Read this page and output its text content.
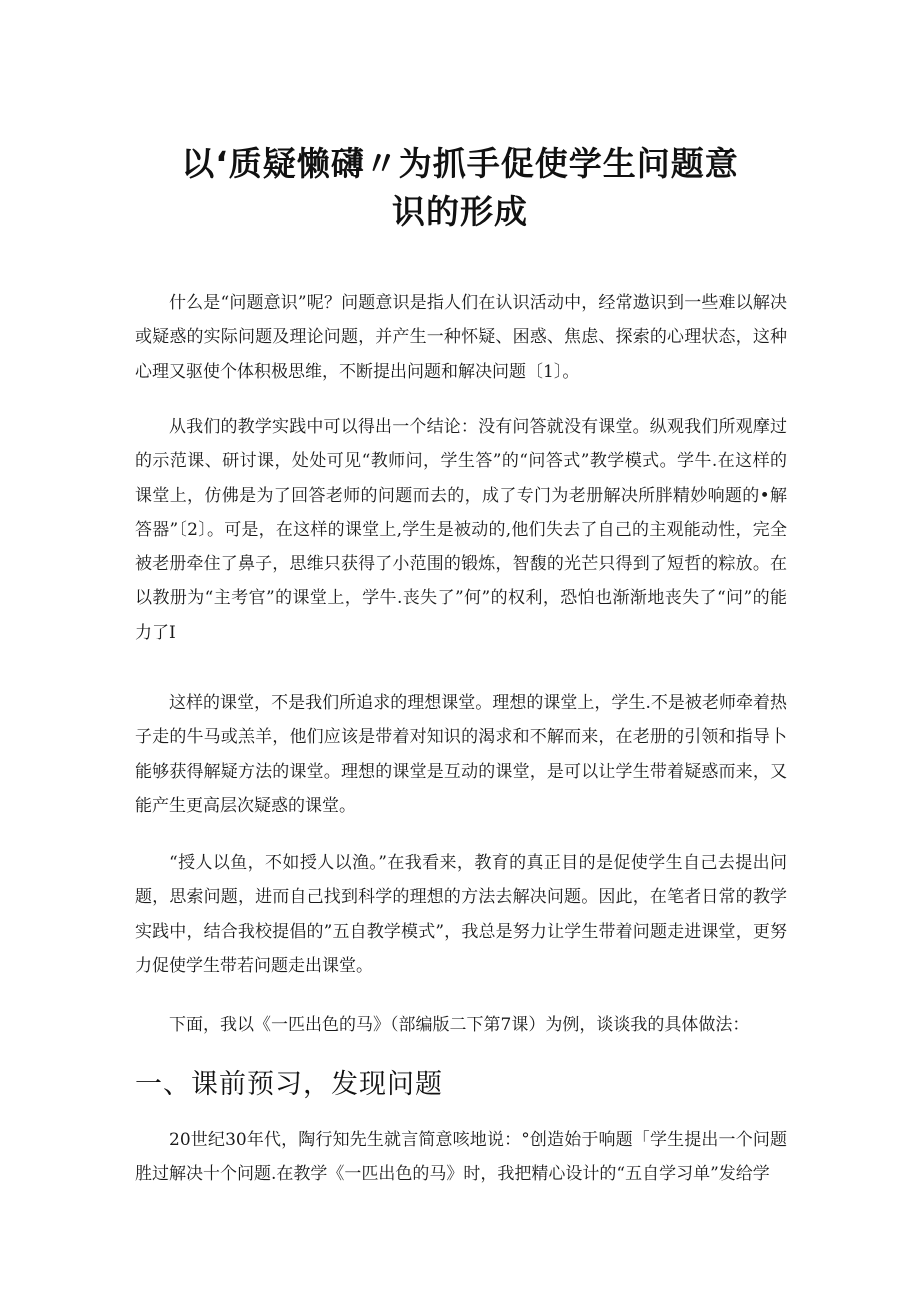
以‘质疑懒礴〃为抓手促使学生问题意
识的形成

什么是“问题意识”呢？问题意识是指人们在认识活动中，经常遨识到一些难以解决或疑惑的实际问题及理论问题，并产生一种怀疑、困惑、焦虑、探索的心理状态，这种心理又驱使个体积极思维，不断提出问题和解决问题〔1〕。

从我们的教学实践中可以得出一个结论：没有问答就没有课堂。纵观我们所观摩过的示范课、研讨课，处处可见“教师问，学生答”的“问答式”教学模式。学牛.在这样的课堂上，仿佛是为了回答老师的问题而去的，成了专门为老册解决所胖精妙响题的•解答器”〔2〕。可是，在这样的课堂上,学生是被动的,他们失去了自己的主观能动性，完全被老册牵住了鼻子，思维只获得了小范围的锻炼，智馥的光芒只得到了短哲的粽放。在以教册为“主考官”的课堂上，学牛.丧失了”何”的权利，恐怕也渐渐地丧失了“问”的能力了I

这样的课堂，不是我们所追求的理想课堂。理想的课堂上，学生.不是被老师牵着热子走的牛马或羔羊，他们应该是带着对知识的渴求和不解而来，在老册的引领和指导卜能够获得解疑方法的课堂。理想的课堂是互动的课堂，是可以让学生带着疑惑而来，又能产生更高层次疑惑的课堂。

“授人以鱼，不如授人以渔。”在我看来，教育的真正目的是促使学生自己去提出问题，思索问题，进而自己找到科学的理想的方法去解决问题。因此，在笔者日常的教学实践中，结合我校提倡的”五自教学模式”，我总是努力让学生带着问题走进课堂，更努力促使学生带若问题走出课堂。

下面，我以《一匹出色的马》（部编版二下第7课）为例，谈谈我的具体做法：

一、课前预习，发现问题

20世纪30年代，陶行知先生就言简意咳地说：°创造始于响题「学生提出一个问题胜过解决十个问题.在教学《一匹出色的马》时，我把精心设计的“五自学习单”发给学
